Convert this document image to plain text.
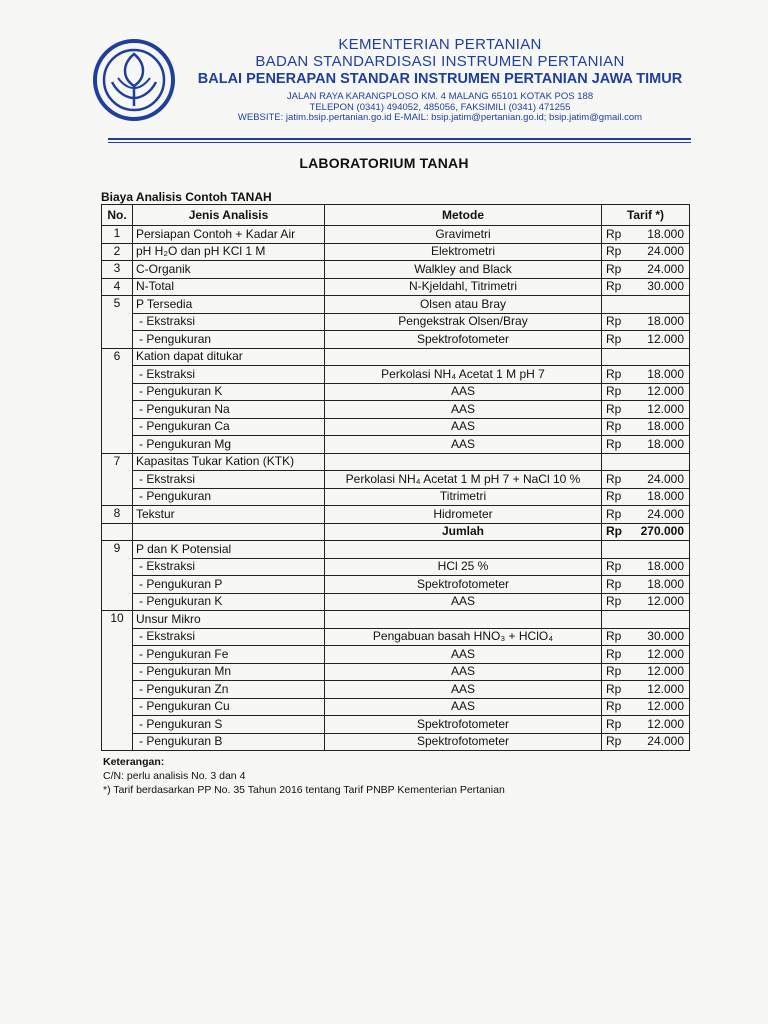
KEMENTERIAN PERTANIAN
BADAN STANDARDISASI INSTRUMEN PERTANIAN
BALAI PENERAPAN STANDAR INSTRUMEN PERTANIAN JAWA TIMUR
JALAN RAYA KARANGPLOSO KM. 4 MALANG 65101 KOTAK POS 188
TELEPON (0341) 494052, 485056, FAKSIMILI (0341) 471255
WEBSITE: jatim.bsip.pertanian.go.id E-MAIL: bsip.jatim@pertanian.go.id; bsip.jatim@gmail.com
LABORATORIUM TANAH
Biaya Analisis Contoh TANAH
No.	Jenis Analisis	Metode	Tarif *)	
1	Persiapan Contoh + Kadar Air	Gravimetri	Rp	18.000
2	pH H₂O dan pH KCl 1 M	Elektrometri	Rp	24.000
3	C-Organik	Walkley and Black	Rp	24.000
4	N-Total	N-Kjeldahl, Titrimetri	Rp	30.000
5	P Tersedia	Olsen atau Bray		
	- Ekstraksi	Pengekstrak Olsen/Bray	Rp	18.000
	- Pengukuran	Spektrofotometer	Rp	12.000
6	Kation dapat ditukar			
	- Ekstraksi	Perkolasi NH₄ Acetat 1 M pH 7	Rp	18.000
	- Pengukuran K	AAS	Rp	12.000
	- Pengukuran Na	AAS	Rp	12.000
	- Pengukuran Ca	AAS	Rp	18.000
	- Pengukuran Mg	AAS	Rp	18.000
7	Kapasitas Tukar Kation (KTK)			
	- Ekstraksi	Perkolasi NH₄ Acetat 1 M pH 7 + NaCl 10 %	Rp	24.000
	- Pengukuran	Titrimetri	Rp	18.000
8	Tekstur	Hidrometer	Rp	24.000
		Jumlah	Rp	270.000
9	P dan K Potensial			
	- Ekstraksi	HCl 25 %	Rp	18.000
	- Pengukuran P	Spektrofotometer	Rp	18.000
	- Pengukuran K	AAS	Rp	12.000
10	Unsur Mikro			
	- Ekstraksi	Pengabuan basah HNO₃ + HClO₄	Rp	30.000
	- Pengukuran Fe	AAS	Rp	12.000
	- Pengukuran Mn	AAS	Rp	12.000
	- Pengukuran Zn	AAS	Rp	12.000
	- Pengukuran Cu	AAS	Rp	12.000
	- Pengukuran S	Spektrofotometer	Rp	12.000
	- Pengukuran B	Spektrofotometer	Rp	24.000
Keterangan:
C/N: perlu analisis No. 3 dan 4
*) Tarif berdasarkan PP No. 35 Tahun 2016 tentang Tarif PNBP Kementerian Pertanian
